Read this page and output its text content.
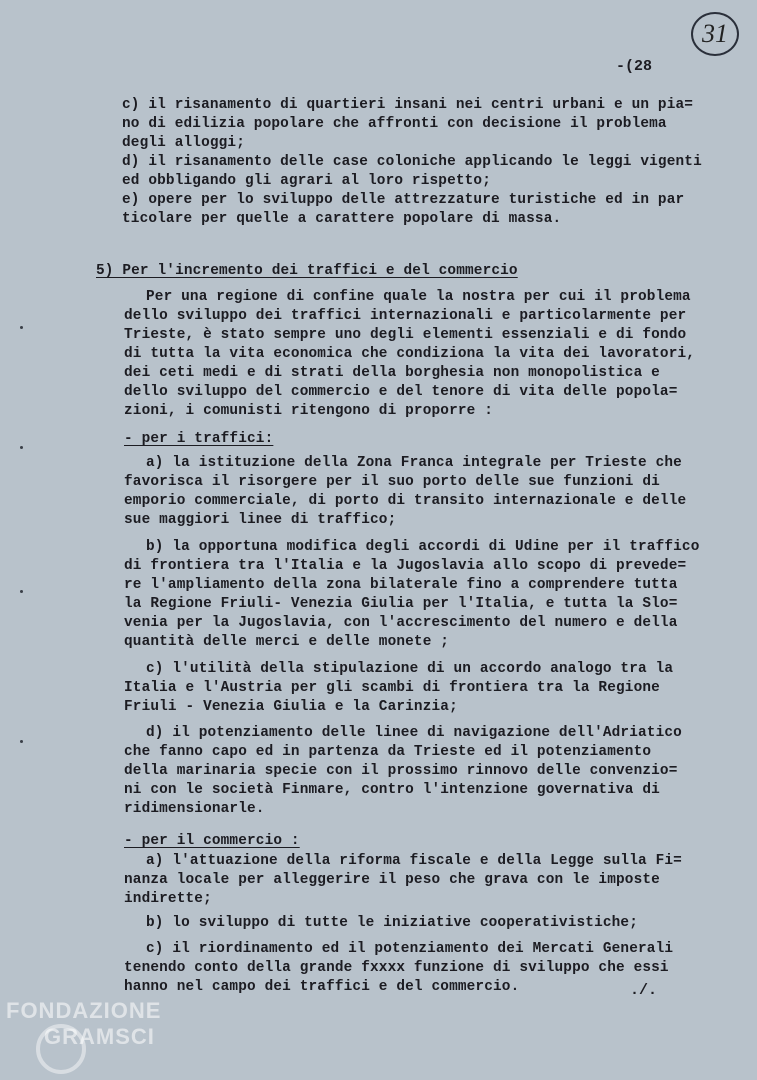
31
-(28
c) il risanamento di quartieri insani nei centri urbani e un pia=
no di edilizia popolare che affronti con decisione il problema
degli alloggi;
d) il risanamento delle case coloniche applicando le leggi vigenti
ed obbligando gli agrari al loro rispetto;
e) opere per lo sviluppo delle attrezzature turistiche ed in par
ticolare per quelle a carattere popolare di massa.
5) Per l'incremento dei traffici e del commercio
Per una regione di confine quale la nostra per cui il problema
dello sviluppo dei traffici internazionali e particolarmente per
Trieste, è stato sempre uno degli elementi essenziali e di fondo
di tutta la vita economica che condiziona la vita dei lavoratori,
dei ceti medi e di strati della borghesia non monopolistica e
dello sviluppo del commercio e del tenore di vita delle popola=
zioni, i comunisti ritengono di proporre :
- per i traffici:
a) la istituzione della Zona Franca integrale per Trieste che
favorisca il risorgere per il suo porto delle sue funzioni di
emporio commerciale, di porto di transito internazionale e delle
sue maggiori linee di traffico;
b) la opportuna modifica degli accordi di Udine per il traffico
di frontiera tra l'Italia e la Jugoslavia allo scopo di prevede=
re l'ampliamento della zona bilaterale fino a comprendere tutta
la Regione Friuli- Venezia Giulia per l'Italia, e tutta la Slo=
venia per la Jugoslavia, con l'accrescimento del numero e della
quantità delle merci e delle monete ;
c) l'utilità della stipulazione di un accordo analogo tra la
Italia e l'Austria per gli scambi di frontiera tra la Regione
Friuli - Venezia Giulia e la Carinzia;
d) il potenziamento delle linee di navigazione dell'Adriatico
che fanno capo ed in partenza da Trieste ed il potenziamento
della marinaria specie con il prossimo rinnovo delle convenzio=
ni con le società Finmare, contro l'intenzione governativa di
ridimensionarle.
- per il commercio :
a) l'attuazione della riforma fiscale e della Legge sulla Fi=
nanza locale per alleggerire il peso che grava con le imposte
indirette;
b) lo sviluppo di tutte le iniziative cooperativistiche;
c) il riordinamento ed il potenziamento dei Mercati Generali
tenendo conto della grande fxxxx funzione di sviluppo che essi
hanno nel campo dei traffici e del commercio.	./.
FONDAZIONE
GRAMSCI
